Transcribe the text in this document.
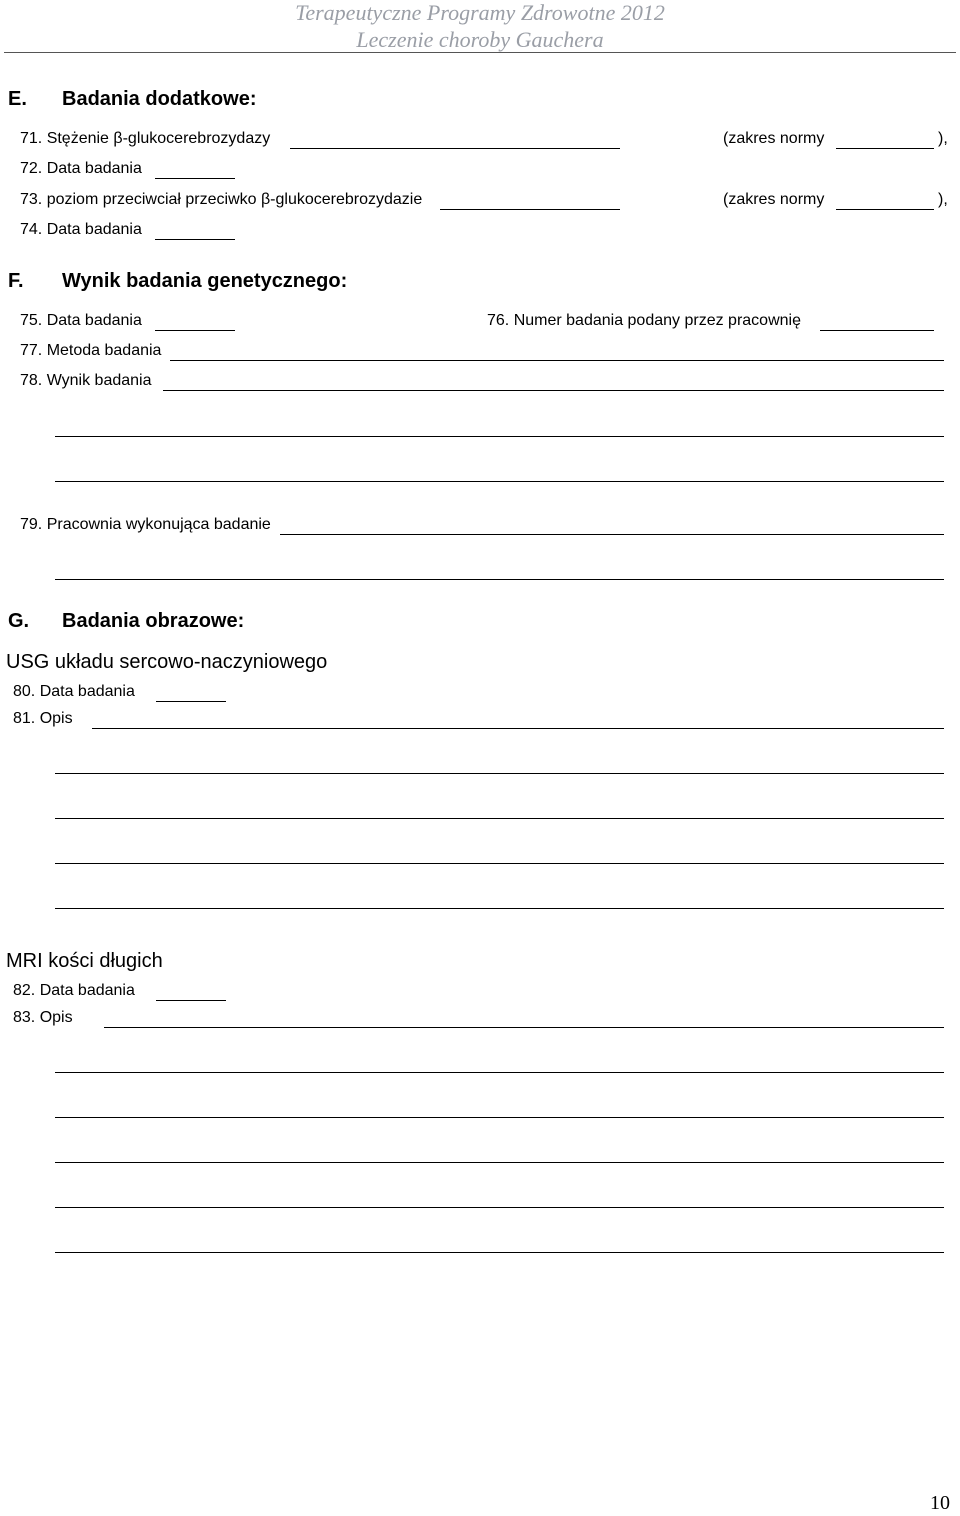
Terapeutyczne Programy Zdrowotne 2012
Leczenie choroby Gauchera
E. Badania dodatkowe:
71. Stężenie β-glukocerebrozydazy	(zakres normy	),
72. Data badania
73. poziom przeciwciał przeciwko β-glukocerebrozydazie	(zakres normy	),
74. Data badania
F. Wynik badania genetycznego:
75. Data badania	76. Numer badania podany przez pracownię
77. Metoda badania
78. Wynik badania
79. Pracownia wykonująca badanie
G. Badania obrazowe:
USG układu sercowo-naczyniowego
80. Data badania
81. Opis
MRI kości długich
82. Data badania
83. Opis
10
